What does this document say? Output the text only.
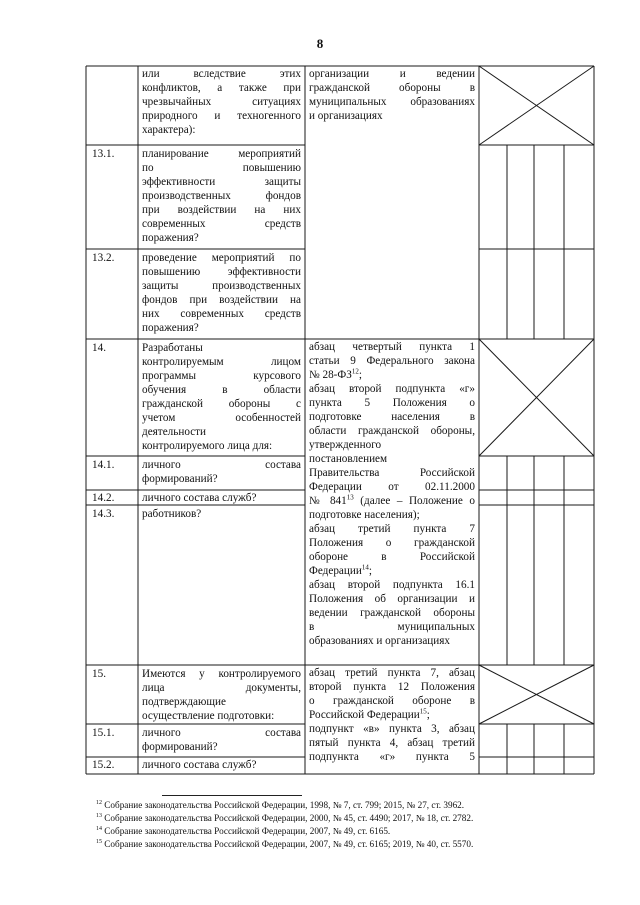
8
или вследствие этих
конфликтов, а также при
чрезвычайных ситуациях
природного и техногенного
характера):
13.1. планирование мероприятий
по повышению
эффективности защиты
производственных фондов
при воздействии на них
современных средств
поражения?
13.2. проведение мероприятий по
повышению эффективности
защиты производственных
фондов при воздействии на
них современных средств
поражения?
14.	Разработаны
контролируемым лицом
программы курсового
обучения в области
гражданской обороны с
учетом особенностей
деятельности
контролируемого лица для:
14.1. личного состава
формирований?
14.2. личного состава служб?
14.3. работников?
15.	Имеются у контролируемого
лица документы,
подтверждающие
осуществление подготовки:
15.1. личного состава
формирований?
15.2. личного состава служб?
организации и ведении
гражданской обороны в
муниципальных образованиях
и организациях
абзац четвертый пункта 1
статьи 9 Федерального закона
№ 28-ФЗ$^{12}$;
абзац второй подпункта «г»
пункта 5 Положения о
подготовке населения в
области гражданской обороны,
утвержденного
постановлением
Правительства Российской
Федерации от 02.11.2000
№ $841^{13}$ (далее – Положение о
подготовке населения);
абзац третий пункта 7
Положения о гражданской
обороне в Российской
Федерации$^{14}$;
абзац второй подпункта 16.1
Положения об организации и
ведении гражданской обороны
в муниципальных
образованиях и организациях
абзац третий пункта 7, абзац
второй пункта 12 Положения
о гражданской обороне в
Российской Федерации$^{15}$;
подпункт «в» пункта 3, абзац
пятый пункта 4, абзац третий
подпункта «г» пункта 5
$^{12}$ Собрание законодательства Российской Федерации, 1998, № 7, ст. 799; 2015, № 27, ст. 3962.
$^{13}$ Собрание законодательства Российской Федерации, 2000, № 45, ст. 4490; 2017, № 18, ст. 2782.
$^{14}$ Собрание законодательства Российской Федерации, 2007, № 49, ст. 6165.
$^{15}$ Собрание законодательства Российской Федерации, 2007, № 49, ст. 6165; 2019, № 40, ст. 5570.
